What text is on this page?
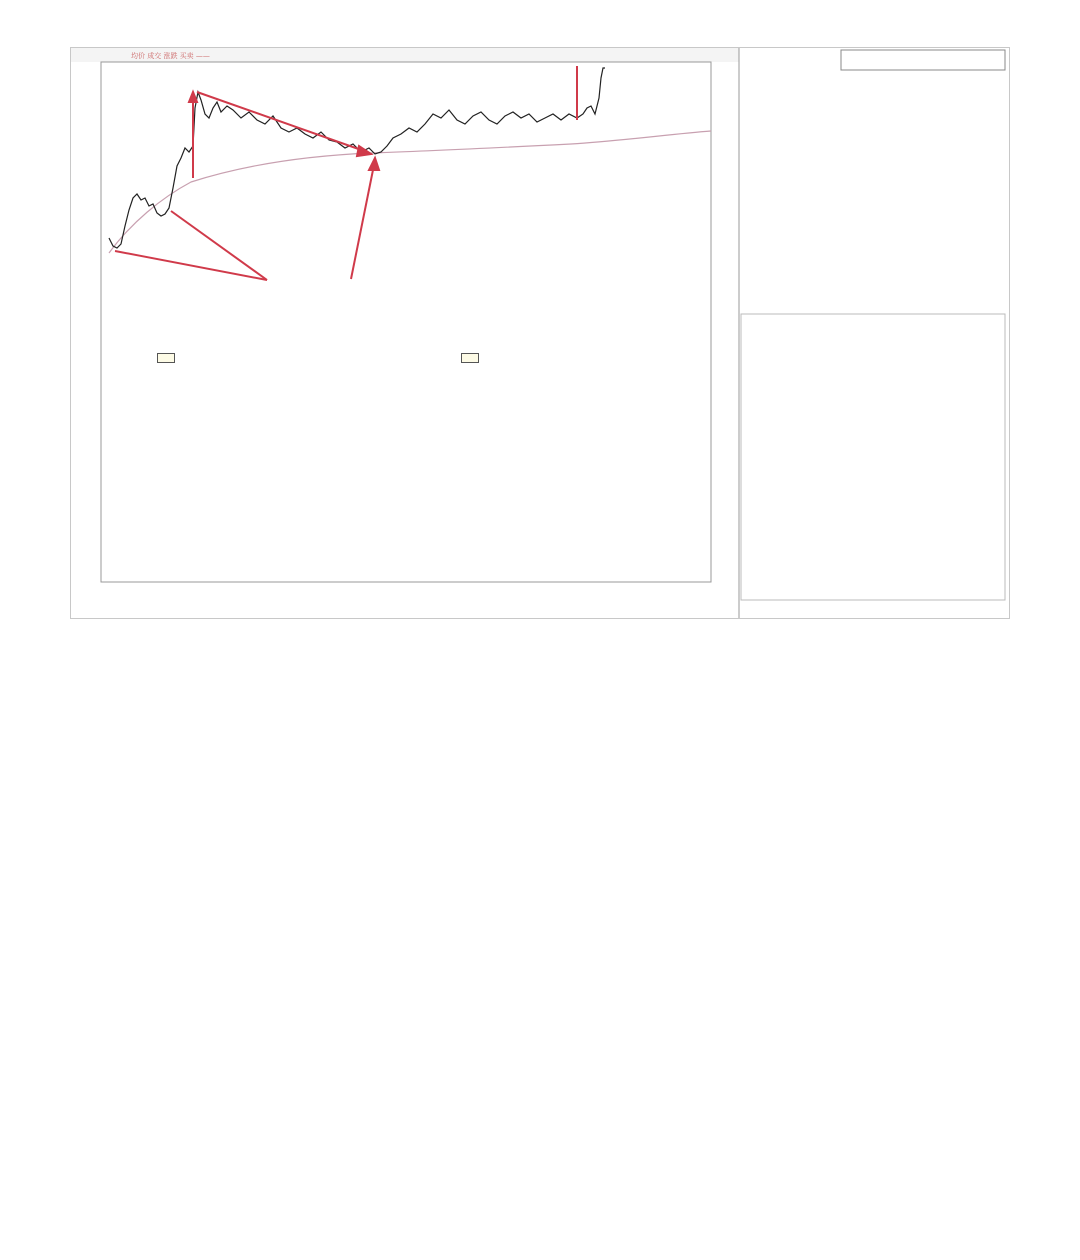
均价 成交 涨跌 买卖 ——
